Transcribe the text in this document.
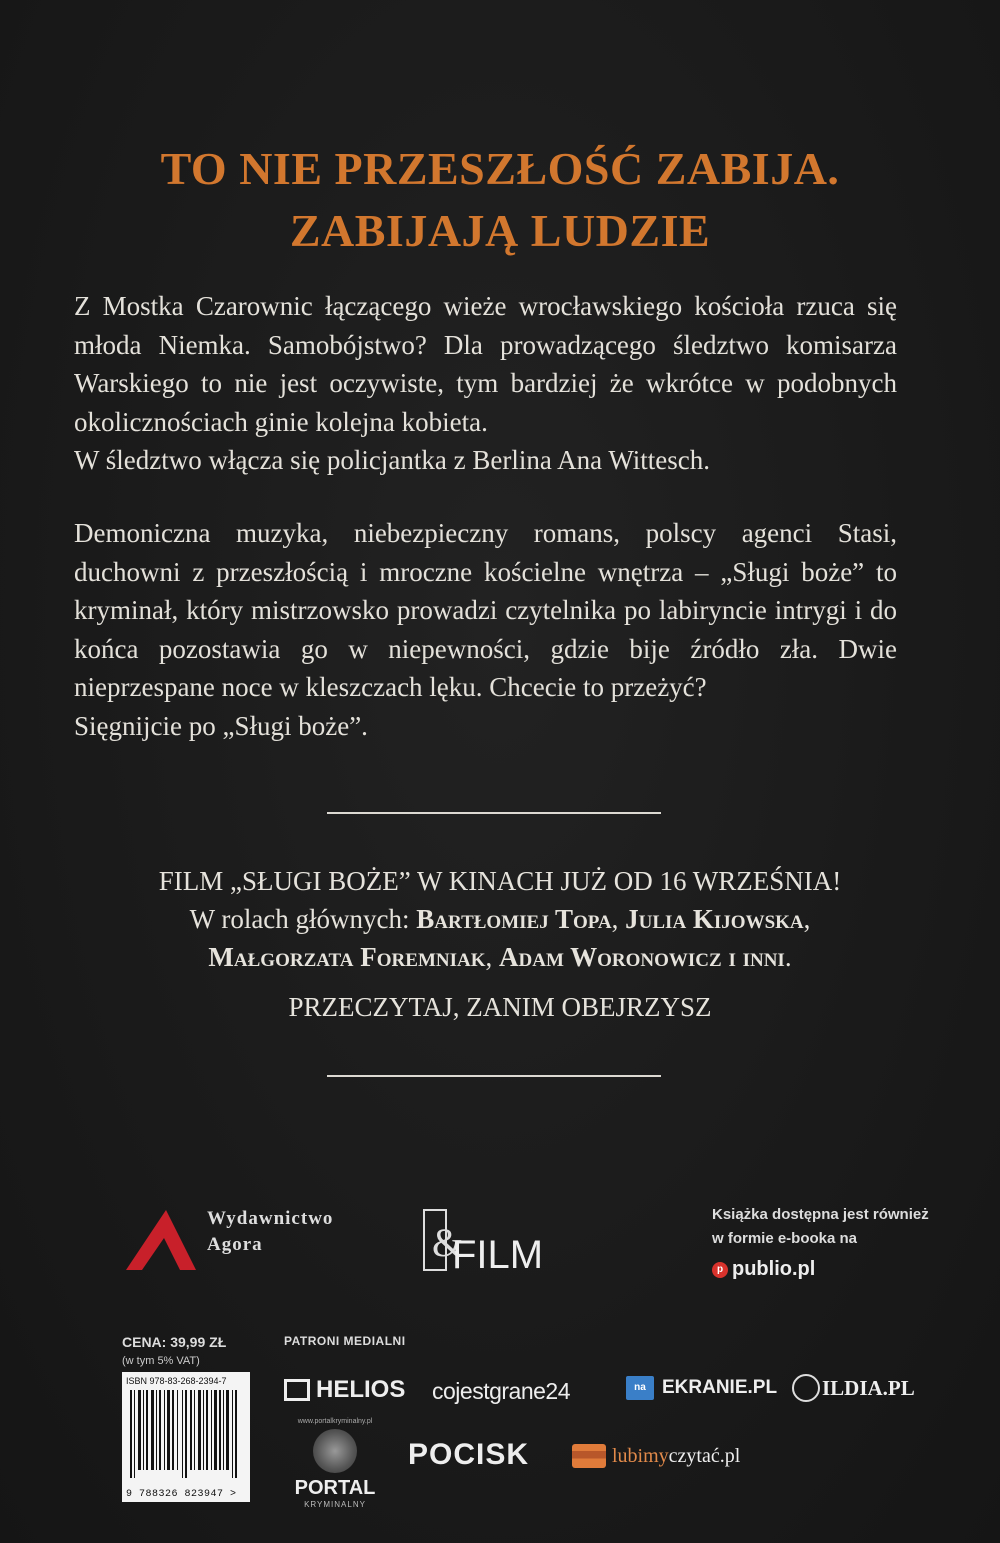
TO NIE PRZESZŁOŚĆ ZABIJA.
ZABIJAJĄ LUDZIE
Z Mostka Czarownic łączącego wieże wrocławskiego kościoła rzuca się młoda Niemka. Samobójstwo? Dla prowadzącego śledztwo komisarza Warskiego to nie jest oczywiste, tym bardziej że wkrótce w podobnych okolicznościach ginie kolejna kobieta.
W śledztwo włącza się policjantka z Berlina Ana Wittesch.
Demoniczna muzyka, niebezpieczny romans, polscy agenci Stasi, duchowni z przeszłością i mroczne kościelne wnętrza – „Sługi boże” to kryminał, który mistrzowsko prowadzi czytelnika po labiryncie intrygi i do końca pozostawia go w niepewności, gdzie bije źródło zła. Dwie nieprzespane noce w kleszczach lęku. Chcecie to przeżyć?
Sięgnijcie po „Sługi boże”.
FILM „SŁUGI BOŻE” W KINACH JUŻ OD 16 WRZEŚNIA!
W rolach głównych: Bartłomiej Topa, Julia Kijowska,
Małgorzata Foremniak, Adam Woronowicz i inni.
PRZECZYTAJ, ZANIM OBEJRZYSZ
Wydawnictwo
Agora	&
FILM
Książka dostępna jest również
w formie e-booka na
p publio.pl
CENA: 39,99 ZŁ
(w tym 5% VAT)
ISBN 978-83-268-2394-7
9 788326 823947 >
PATRONI MEDIALNI
HELIOS cojestgrane24	na EKRANIE.PL ILDIA.PL
www.portalkryminalny.pl
PORTAL
KRYMINALNY
POCISK	lubimyczytać.pl
